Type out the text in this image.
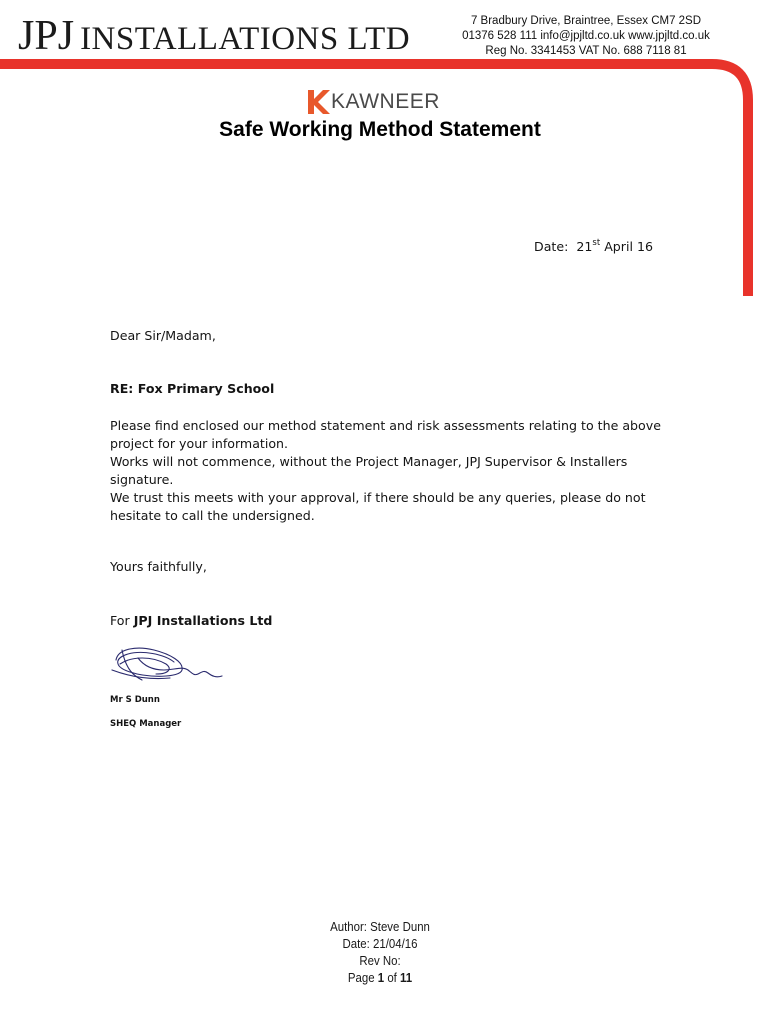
JPJ INSTALLATIONS LTD	7 Bradbury Drive, Braintree, Essex CM7 2SD
01376 528 111 info@jpjltd.co.uk www.jpjltd.co.uk
Reg No. 3341453 VAT No. 688 7118 81
KAWNEER
Safe Working Method Statement
Date: 21st April 16
Dear Sir/Madam,
RE: Fox Primary School

Please find enclosed our method statement and risk assessments relating to the above project for your information.

Works will not commence, without the Project Manager, JPJ Supervisor & Installers signature.

We trust this meets with your approval, if there should be any queries, please do not hesitate to call the undersigned.

Yours faithfully,
For JPJ Installations Ltd
Mr S Dunn
SHEQ Manager
Author: Steve Dunn
Date: 21/04/16
Rev No:
Page 1 of 11
